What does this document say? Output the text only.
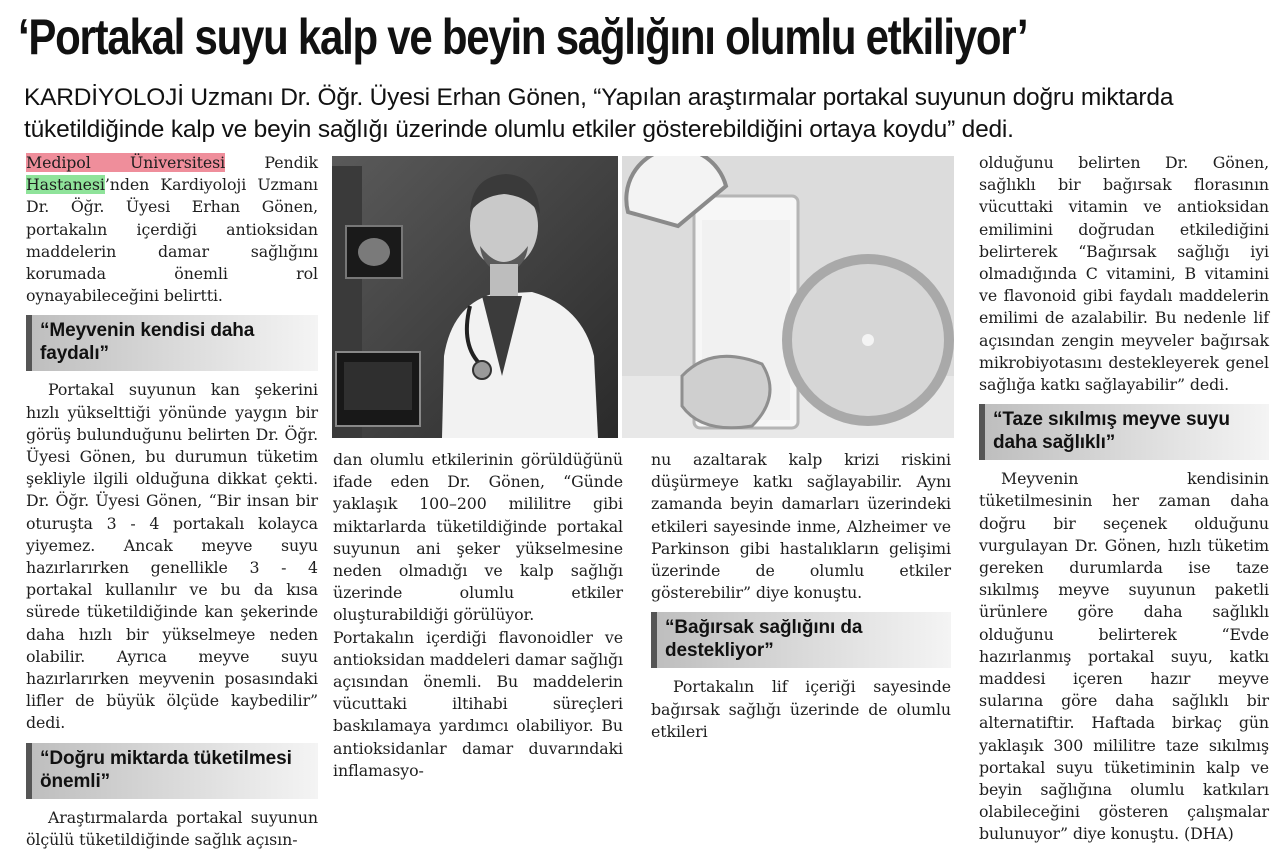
‘Portakal suyu kalp ve beyin sağlığını olumlu etkiliyor’
KARDİYOLOJİ Uzmanı Dr. Öğr. Üyesi Erhan Gönen, “Yapılan araştırmalar portakal suyunun doğru miktarda tüketildiğinde kalp ve beyin sağlığı üzerinde olumlu etkiler gösterebildiğini ortaya koydu” dedi.

Medipol Üniversitesi Pendik Hastanesi’nden Kardiyoloji Uzmanı Dr. Öğr. Üyesi Erhan Gönen, portakalın içerdiği antioksidan maddelerin damar sağlığını korumada önemli rol oynayabileceğini belirtti.

“Meyvenin kendisi daha faydalı”

Portakal suyunun kan şekerini hızlı yükselttiği yönünde yaygın bir görüş bulunduğunu belirten Dr. Öğr. Üyesi Gönen, bu durumun tüketim şekliyle ilgili olduğuna dikkat çekti. Dr. Öğr. Üyesi Gönen, “Bir insan bir oturuşta 3 - 4 portakalı kolayca yiyemez. Ancak meyve suyu hazırlarırken genellikle 3 - 4 portakal kullanılır ve bu da kısa sürede tüketildiğinde kan şekerinde daha hızlı bir yükselmeye neden olabilir. Ayrıca meyve suyu hazırlarırken meyvenin posasındaki lifler de büyük ölçüde kaybedilir” dedi.

“Doğru miktarda tüketilmesi önemli”

Araştırmalarda portakal suyunun ölçülü tüketildiğinde sağlık açısın-

dan olumlu etkilerinin görüldüğünü ifade eden Dr. Gönen, “Günde yaklaşık 100–200 mililitre gibi miktarlarda tüketildiğinde portakal suyunun ani şeker yükselmesine neden olmadığı ve kalp sağlığı üzerinde olumlu etkiler oluşturabildiği görülüyor.

Portakalın içerdiği flavonoidler ve antioksidan maddeleri damar sağlığı açısından önemli. Bu maddelerin vücuttaki iltihabi süreçleri baskılamaya yardımcı olabiliyor. Bu antioksidanlar damar duvarındaki inflamasyo-

nu azaltarak kalp krizi riskini düşürmeye katkı sağlayabilir. Aynı zamanda beyin damarları üzerindeki etkileri sayesinde inme, Alzheimer ve Parkinson gibi hastalıkların gelişimi üzerinde de olumlu etkiler gösterebilir” diye konuştu.

“Bağırsak sağlığını da destekliyor”

Portakalın lif içeriği sayesinde bağırsak sağlığı üzerinde de olumlu etkileri

olduğunu belirten Dr. Gönen, sağlıklı bir bağırsak florasının vücuttaki vitamin ve antioksidan emilimini doğrudan etkilediğini belirterek “Bağırsak sağlığı iyi olmadığında C vitamini, B vitamini ve flavonoid gibi faydalı maddelerin emilimi de azalabilir. Bu nedenle lif açısından zengin meyveler bağırsak mikrobiyotasını destekleyerek genel sağlığa katkı sağlayabilir” dedi.

“Taze sıkılmış meyve suyu daha sağlıklı”

Meyvenin kendisinin tüketilmesinin her zaman daha doğru bir seçenek olduğunu vurgulayan Dr. Gönen, hızlı tüketim gereken durumlarda ise taze sıkılmış meyve suyunun paketli ürünlere göre daha sağlıklı olduğunu belirterek “Evde hazırlanmış portakal suyu, katkı maddesi içeren hazır meyve sularına göre daha sağlıklı bir alternatiftir. Haftada birkaç gün yaklaşık 300 mililitre taze sıkılmış portakal suyu tüketiminin kalp ve beyin sağlığına olumlu katkıları olabileceğini gösteren çalışmalar bulunuyor” diye konuştu. (DHA)
